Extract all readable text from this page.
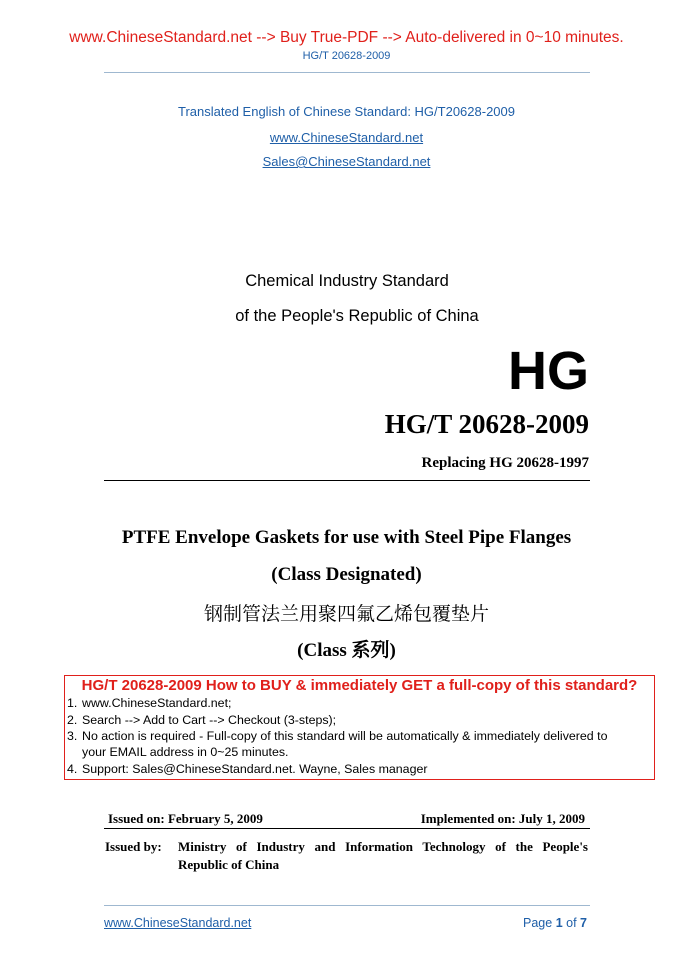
www.ChineseStandard.net --> Buy True-PDF --> Auto-delivered in 0~10 minutes.
HG/T 20628-2009
Translated English of Chinese Standard: HG/T20628-2009
www.ChineseStandard.net
Sales@ChineseStandard.net
Chemical Industry Standard
of the People's Republic of China
HG
HG/T 20628-2009
Replacing HG 20628-1997
PTFE Envelope Gaskets for use with Steel Pipe Flanges
(Class Designated)
钢制管法兰用聚四氟乙烯包覆垫片
(Class 系列)
HG/T 20628-2009 How to BUY & immediately GET a full-copy of this standard?
1. www.ChineseStandard.net;
2. Search --> Add to Cart --> Checkout (3-steps);
3. No action is required - Full-copy of this standard will be automatically & immediately delivered to
your EMAIL address in 0~25 minutes.
4. Support: Sales@ChineseStandard.net. Wayne, Sales manager
Issued on: February 5, 2009	Implemented on: July 1, 2009
Issued by: Ministry of Industry and Information Technology of the People's
Republic of China
www.ChineseStandard.net	Page 1 of 7
